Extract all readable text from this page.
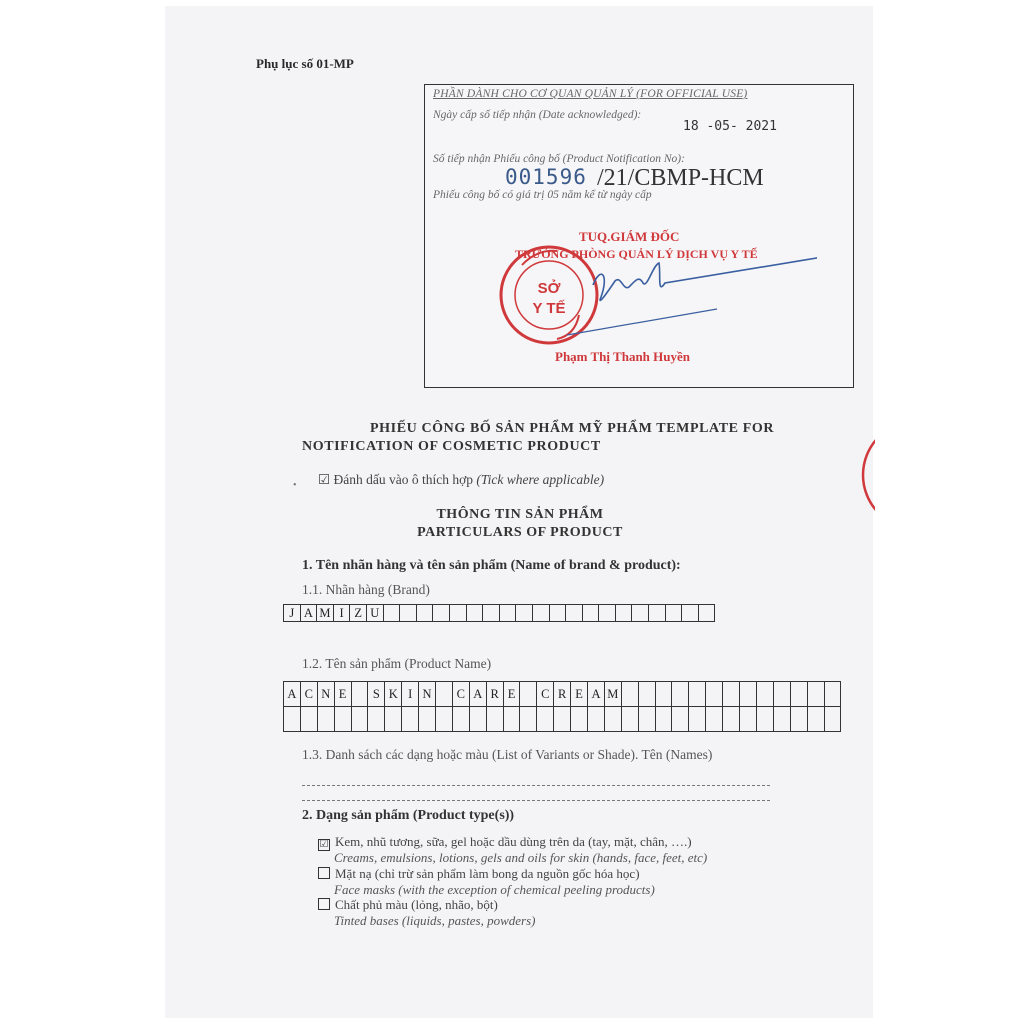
Phụ lục số 01-MP
PHẦN DÀNH CHO CƠ QUAN QUẢN LÝ (FOR OFFICIAL USE)
Ngày cấp số tiếp nhận (Date acknowledged):
18 -05- 2021
Số tiếp nhận Phiếu công bố (Product Notification No):
001596 /21/CBMP-HCM
Phiếu công bố có giá trị 05 năm kể từ ngày cấp
SỞ
Y TẾ
TUQ.GIÁM ĐỐC
TRƯỞNG PHÒNG QUẢN LÝ DỊCH VỤ Y TẾ
Phạm Thị Thanh Huyền
PHIẾU CÔNG BỐ SẢN PHẨM MỸ PHẨM TEMPLATE FOR
NOTIFICATION OF COSMETIC PRODUCT
• ☑ Đánh dấu vào ô thích hợp (Tick where applicable)
THÔNG TIN SẢN PHẨM
PARTICULARS OF PRODUCT
1. Tên nhãn hàng và tên sản phẩm (Name of brand & product):
1.1. Nhãn hàng (Brand)
J	A	M	I	Z	U																				
1.2. Tên sản phẩm (Product Name)
A	C	N	E		S	K	I	N		C	A	R	E		C	R	E	A	M													

1.3. Danh sách các dạng hoặc màu (List of Variants or Shade). Tên (Names)
2. Dạng sản phẩm (Product type(s))
☑ Kem, nhũ tương, sữa, gel hoặc dầu dùng trên da (tay, mặt, chân, ….)
Creams, emulsions, lotions, gels and oils for skin (hands, face, feet, etc)
Mặt nạ (chỉ trừ sản phẩm làm bong da nguồn gốc hóa học)
Face masks (with the exception of chemical peeling products)
Chất phủ màu (lỏng, nhão, bột)
Tinted bases (liquids, pastes, powders)
